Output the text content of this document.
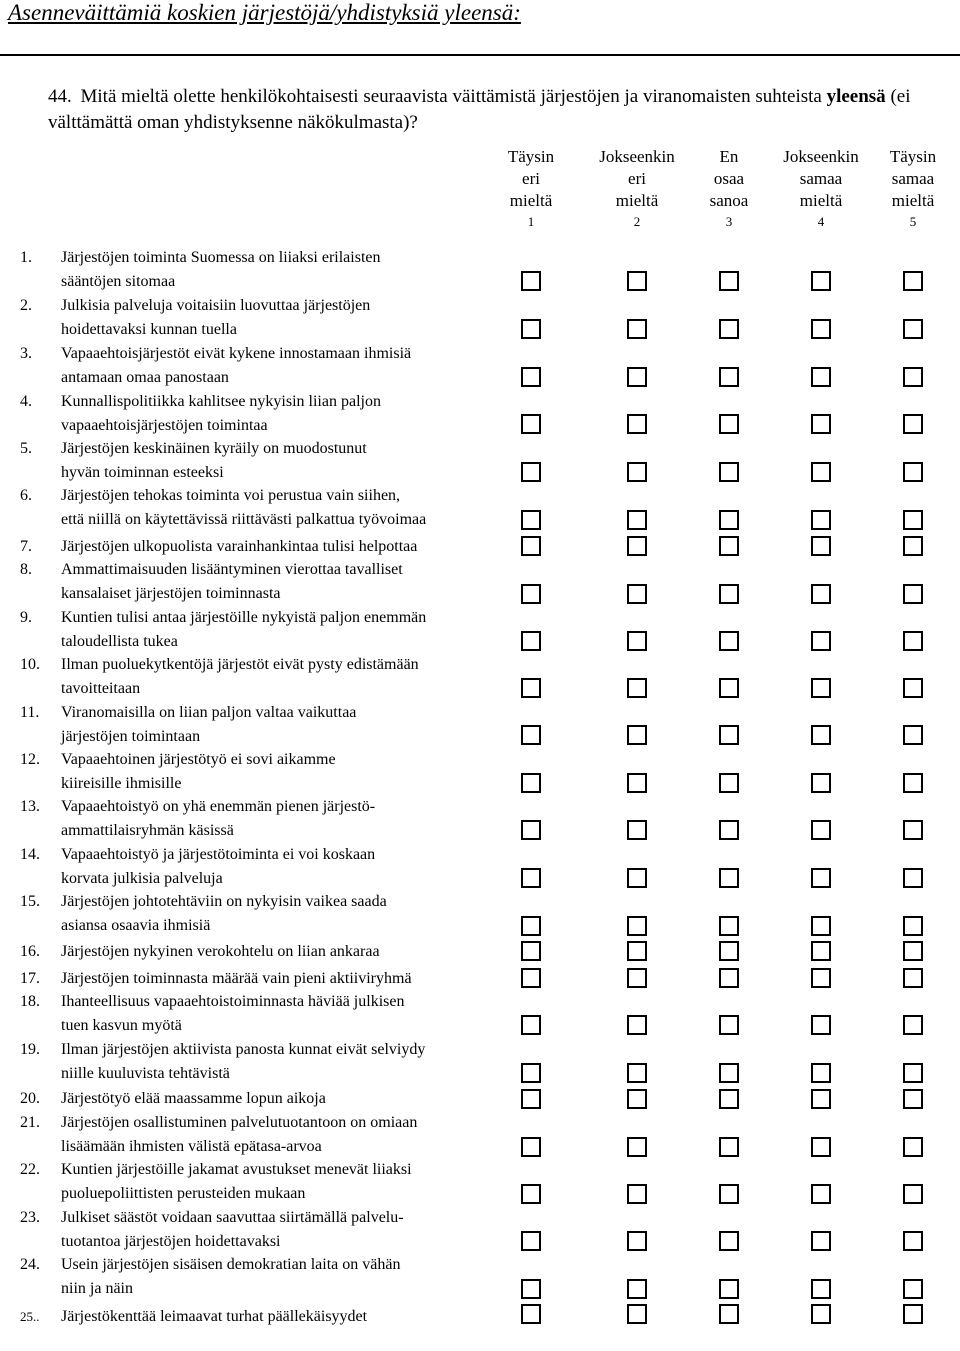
Asenneväittämiä koskien järjestöjä/yhdistyksiä yleensä:
44. Mitä mieltä olette henkilökohtaisesti seuraavista väittämistä järjestöjen ja viranomaisten suhteista yleensä (ei välttämättä oman yhdistyksenne näkökulmasta)?
Täysin
eri
mieltä
1
Jokseenkin
eri
mieltä
2
En
osaa
sanoa
3
Jokseenkin
samaa
mieltä
4
Täysin
samaa
mieltä
5
1. Järjestöjen toiminta Suomessa on liiaksi erilaisten
sääntöjen sitomaa
2. Julkisia palveluja voitaisiin luovuttaa järjestöjen
hoidettavaksi kunnan tuella
3. Vapaaehtoisjärjestöt eivät kykene innostamaan ihmisiä
antamaan omaa panostaan
4. Kunnallispolitiikka kahlitsee nykyisin liian paljon
vapaaehtoisjärjestöjen toimintaa
5. Järjestöjen keskinäinen kyräily on muodostunut
hyvän toiminnan esteeksi
6. Järjestöjen tehokas toiminta voi perustua vain siihen,
että niillä on käytettävissä riittävästi palkattua työvoimaa
7. Järjestöjen ulkopuolista varainhankintaa tulisi helpottaa
8. Ammattimaisuuden lisääntyminen vierottaa tavalliset
kansalaiset järjestöjen toiminnasta
9. Kuntien tulisi antaa järjestöille nykyistä paljon enemmän
taloudellista tukea
10. Ilman puoluekytkentöjä järjestöt eivät pysty edistämään
tavoitteitaan
11. Viranomaisilla on liian paljon valtaa vaikuttaa
järjestöjen toimintaan
12. Vapaaehtoinen järjestötyö ei sovi aikamme
kiireisille ihmisille
13. Vapaaehtoistyö on yhä enemmän pienen järjestö-
ammattilaisryhmän käsissä
14. Vapaaehtoistyö ja järjestötoiminta ei voi koskaan
korvata julkisia palveluja
15. Järjestöjen johtotehtäviin on nykyisin vaikea saada
asiansa osaavia ihmisiä
16. Järjestöjen nykyinen verokohtelu on liian ankaraa
17. Järjestöjen toiminnasta määrää vain pieni aktiiviryhmä
18. Ihanteellisuus vapaaehtoistoiminnasta häviää julkisen
tuen kasvun myötä
19. Ilman järjestöjen aktiivista panosta kunnat eivät selviydy
niille kuuluvista tehtävistä
20. Järjestötyö elää maassamme lopun aikoja
21. Järjestöjen osallistuminen palvelutuotantoon on omiaan
lisäämään ihmisten välistä epätasa-arvoa
22. Kuntien järjestöille jakamat avustukset menevät liiaksi
puoluepoliittisten perusteiden mukaan
23. Julkiset säästöt voidaan saavuttaa siirtämällä palvelu-
tuotantoa järjestöjen hoidettavaksi
24. Usein järjestöjen sisäisen demokratian laita on vähän
niin ja näin
25.. Järjestökenttää leimaavat turhat päällekäisyydet
